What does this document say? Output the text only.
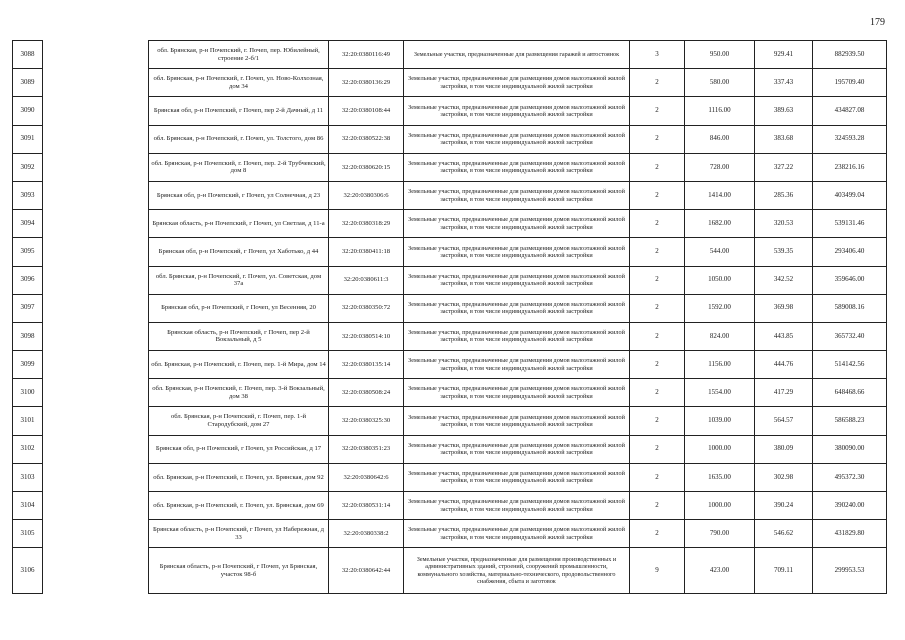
179
3088		обл. Брянская, р-н Почепский, г. Почеп, пер. Юбилейный, строение 2-б/1	32:20:0380116:49	Земельные участки, предназначенные для размещения гаражей и автостоянок	3	950.00	929.41	882939.50
3089		обл. Брянская, р-н Почепский, г. Почеп, ул. Ново-Колхозная, дом 34	32:20:0380136:29	Земельные участки, предназначенные для размещения домов малоэтажной жилой застройки, в том числе индивидуальной жилой застройки	2	580.00	337.43	195709.40
3090		Брянская обл, р-н Почепский, г Почеп, пер 2-й Дачный, д 11	32:20:0380108:44	Земельные участки, предназначенные для размещения домов малоэтажной жилой застройки, в том числе индивидуальной жилой застройки	2	1116.00	389.63	434827.08
3091		обл. Брянская, р-н Почепский, г. Почеп, ул. Толстого, дом 86	32:20:0380522:38	Земельные участки, предназначенные для размещения домов малоэтажной жилой застройки, в том числе индивидуальной жилой застройки	2	846.00	383.68	324593.28
3092		обл. Брянская, р-н Почепский, г. Почеп, пер. 2-й Трубчевский, дом 8	32:20:0380620:15	Земельные участки, предназначенные для размещения домов малоэтажной жилой застройки, в том числе индивидуальной жилой застройки	2	728.00	327.22	238216.16
3093		Брянская обл, р-н Почепский, г Почеп, ул Солнечная, д 23	32:20:0380306:6	Земельные участки, предназначенные для размещения домов малоэтажной жилой застройки, в том числе индивидуальной жилой застройки	2	1414.00	285.36	403499.04
3094		Брянская область, р-н Почепский, г Почеп, ул Светлая, д 11-а	32:20:0380318:29	Земельные участки, предназначенные для размещения домов малоэтажной жилой застройки, в том числе индивидуальной жилой застройки	2	1682.00	320.53	539131.46
3095		Брянская обл, р-н Почепский, г Почеп, ул Хаботько, д 44	32:20:0380411:18	Земельные участки, предназначенные для размещения домов малоэтажной жилой застройки, в том числе индивидуальной жилой застройки	2	544.00	539.35	293406.40
3096		обл. Брянская, р-н Почепский, г. Почеп, ул. Советская, дом 37а	32:20:0380611:3	Земельные участки, предназначенные для размещения домов малоэтажной жилой застройки, в том числе индивидуальной жилой застройки	2	1050.00	342.52	359646.00
3097		Брянская обл, р-н Почепский, г Почеп, ул Весенняя, 20	32:20:0380350:72	Земельные участки, предназначенные для размещения домов малоэтажной жилой застройки, в том числе индивидуальной жилой застройки	2	1592.00	369.98	589008.16
3098		Брянская область, р-н Почепский, г Почеп, пер 2-й Вокзальный, д 5	32:20:0380514:10	Земельные участки, предназначенные для размещения домов малоэтажной жилой застройки, в том числе индивидуальной жилой застройки	2	824.00	443.85	365732.40
3099		обл. Брянская, р-н Почепский, г. Почеп, пер. 1-й Мира, дом 14	32:20:0380135:14	Земельные участки, предназначенные для размещения домов малоэтажной жилой застройки, в том числе индивидуальной жилой застройки	2	1156.00	444.76	514142.56
3100		обл. Брянская, р-н Почепский, г. Почеп, пер. 3-й Вокзальный, дом 38	32:20:0380508:24	Земельные участки, предназначенные для размещения домов малоэтажной жилой застройки, в том числе индивидуальной жилой застройки	2	1554.00	417.29	648468.66
3101		обл. Брянская, р-н Почепский, г. Почеп, пер. 1-й Стародубский, дом 27	32:20:0380325:30	Земельные участки, предназначенные для размещения домов малоэтажной жилой застройки, в том числе индивидуальной жилой застройки	2	1039.00	564.57	586588.23
3102		Брянская обл, р-н Почепский, г Почеп, ул Российская, д 17	32:20:0380351:23	Земельные участки, предназначенные для размещения домов малоэтажной жилой застройки, в том числе индивидуальной жилой застройки	2	1000.00	380.09	380090.00
3103		обл. Брянская, р-н Почепский, г. Почеп, ул. Брянская, дом 92	32:20:0380642:6	Земельные участки, предназначенные для размещения домов малоэтажной жилой застройки, в том числе индивидуальной жилой застройки	2	1635.00	302.98	495372.30
3104		обл. Брянская, р-н Почепский, г. Почеп, ул. Брянская, дом 69	32:20:0380531:14	Земельные участки, предназначенные для размещения домов малоэтажной жилой застройки, в том числе индивидуальной жилой застройки	2	1000.00	390.24	390240.00
3105		Брянская область, р-н Почепский, г Почеп, ул Набережная, д 33	32:20:0380338:2	Земельные участки, предназначенные для размещения домов малоэтажной жилой застройки, в том числе индивидуальной жилой застройки	2	790.00	546.62	431829.80
3106		Брянская область, р-н Почепский, г Почеп, ул Брянская, участок 98-б	32:20:0380642:44	Земельные участки, предназначенные для размещения производственных и административных зданий, строений, сооружений промышленности, коммунального хозяйства, материально-технического, продовольственного снабжения, сбыта и заготовок	9	423.00	709.11	299953.53
